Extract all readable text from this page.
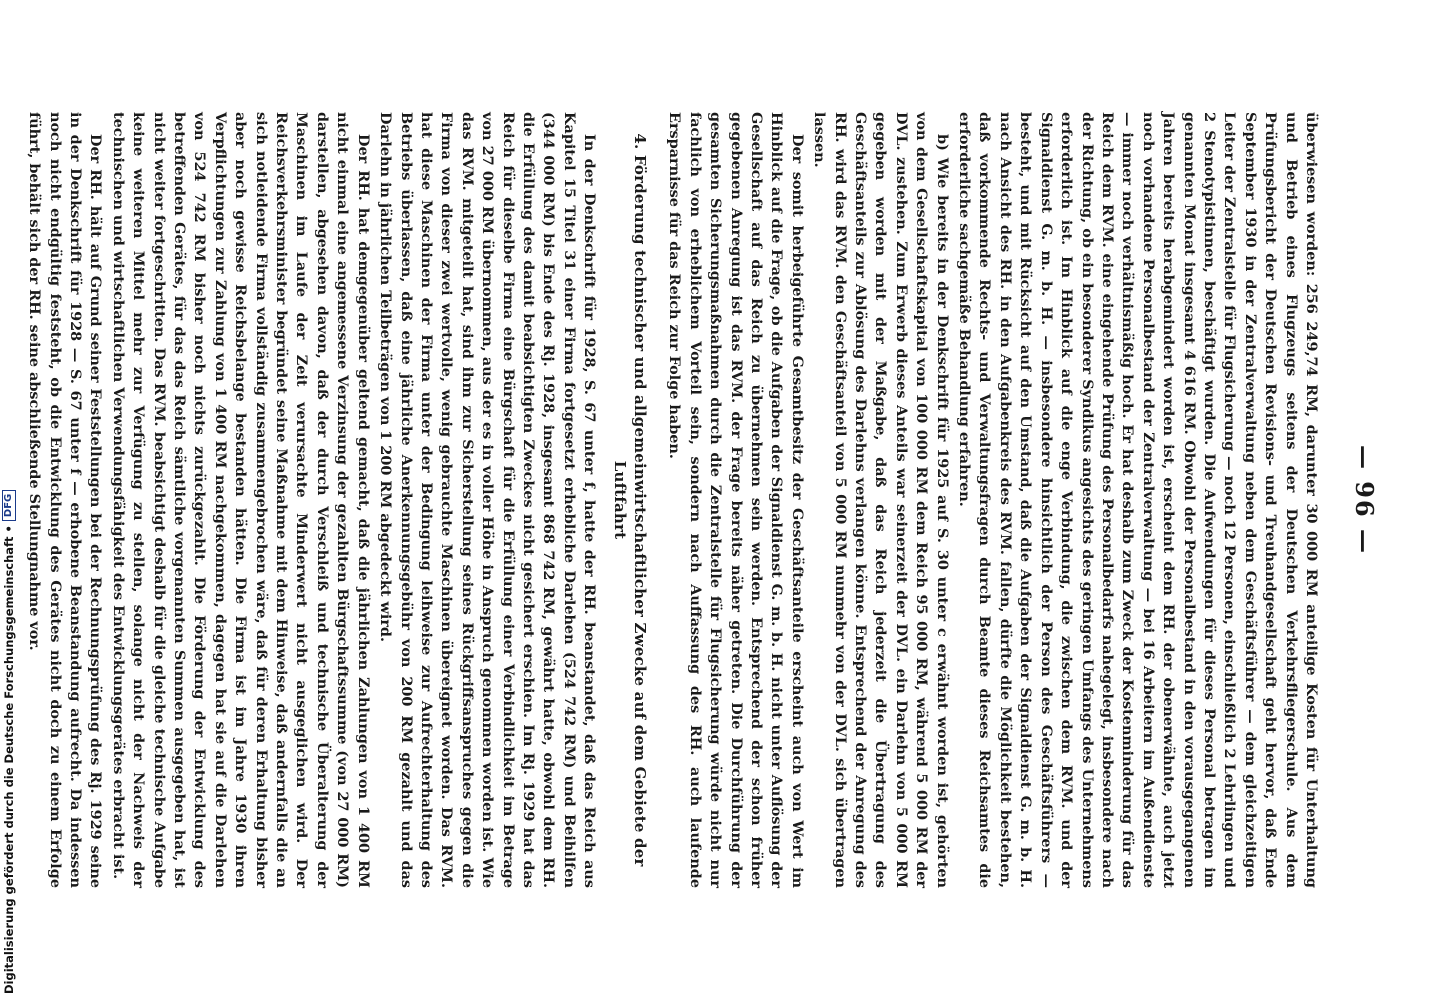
— 96 —

überwiesen worden: 256 249,74 RM, darunter 30 000 RM anteilige Kosten für Unterhaltung und Betrieb eines Flugzeugs seitens der Deutschen Verkehrsfliegerschule. Aus dem Prüfungsbericht der Deutschen Revisions- und Treuhandgesellschaft geht hervor, daß Ende September 1930 in der Zentralverwaltung neben dem Geschäftsführer — dem gleichzeitigen Leiter der Zentralstelle für Flugsicherung — noch 12 Personen, einschließlich 2 Lehrlingen und 2 Stenotypistinnen, beschäftigt wurden. Die Aufwendungen für dieses Personal betragen im genannten Monat insgesamt 4 616 RM. Obwohl der Personalbestand in den vorausgegangenen Jahren bereits herabgemindert worden ist, erscheint dem RH. der obenerwähnte, auch jetzt noch vorhandene Personalbestand der Zentralverwaltung — bei 16 Arbeitern im Außendienste — immer noch verhältnismäßig hoch. Er hat deshalb zum Zweck der Kostenminderung für das Reich dem RVM. eine eingehende Prüfung des Personalbedarfs nahegelegt, insbesondere nach der Richtung, ob ein besonderer Syndikus angesichts des geringen Umfangs des Unternehmens erforderlich ist. Im Hinblick auf die enge Verbindung, die zwischen dem RVM. und der Signaldienst G. m. b. H. — insbesondere hinsichtlich der Person des Geschäftsführers — besteht, und mit Rücksicht auf den Umstand, daß die Aufgaben der Signaldienst G. m. b. H. nach Ansicht des RH. in den Aufgabenkreis des RVM. fallen, dürfte die Möglichkeit bestehen, daß vorkommende Rechts- und Verwaltungsfragen durch Beamte dieses Reichsamtes die erforderliche sachgemäße Behandlung erfahren.

b) Wie bereits in der Denkschrift für 1925 auf S. 30 unter c erwähnt worden ist, gehörten von dem Gesellschaftskapital von 100 000 RM dem Reich 95 000 RM, während 5 000 RM der DVL. zustehen. Zum Erwerb dieses Anteils war seinerzeit der DVL. ein Darlehn von 5 000 RM gegeben worden mit der Maßgabe, daß das Reich jederzeit die Übertragung des Geschäftsanteils zur Ablösung des Darlehns verlangen könne. Entsprechend der Anregung des RH. wird das RVM. den Geschäftsanteil von 5 000 RM nunmehr von der DVL. sich übertragen lassen.

Der somit herbeigeführte Gesamtbesitz der Geschäftsanteile erscheint auch von Wert im Hinblick auf die Frage, ob die Aufgaben der Signaldienst G. m. b. H. nicht unter Auflösung der Gesellschaft auf das Reich zu übernehmen sein werden. Entsprechend der schon früher gegebenen Anregung ist das RVM. der Frage bereits näher getreten. Die Durchführung der gesamten Sicherungsmaßnahmen durch die Zentralstelle für Flugsicherung würde nicht nur fachlich von erheblichem Vorteil sein, sondern nach Auffassung des RH. auch laufende Ersparnisse für das Reich zur Folge haben.

4. Förderung technischer und allgemeinwirtschaftlicher Zwecke auf dem Gebiete der Luftfahrt

In der Denkschrift für 1928, S. 67 unter f, hatte der RH. beanstandet, daß das Reich aus Kapitel 15 Titel 31 einer Firma fortgesetzt erhebliche Darlehen (524 742 RM) und Beihilfen (344 000 RM) bis Ende des Rj. 1928, insgesamt 868 742 RM, gewährt hatte, obwohl dem RH. die Erfüllung des damit beabsichtigten Zweckes nicht gesichert erschien. Im Rj. 1929 hat das Reich für dieselbe Firma eine Bürgschaft für die Erfüllung einer Verbindlichkeit im Betrage von 27 000 RM übernommen, aus der es in voller Höhe in Anspruch genommen worden ist. Wie das RVM. mitgeteilt hat, sind ihm zur Sicherstellung seines Rückgriffsanspruches gegen die Firma von dieser zwei wertvolle, wenig gebrauchte Maschinen übereignet worden. Das RVM. hat diese Maschinen der Firma unter der Bedingung leihweise zur Aufrechterhaltung des Betriebs überlassen, daß eine jährliche Anerkennungsgebühr von 200 RM gezahlt und das Darlehn in jährlichen Teilbeträgen von 1 200 RM abgedeckt wird.

Der RH. hat demgegenüber geltend gemacht, daß die jährlichen Zahlungen von 1 400 RM nicht einmal eine angemessene Verzinsung der gezahlten Bürgschaftssumme (von 27 000 RM) darstellen, abgesehen davon, daß der durch Verschleiß und technische Überalterung der Maschinen im Laufe der Zeit verursachte Minderwert nicht ausgeglichen wird. Der Reichsverkehrsminister begründet seine Maßnahme mit dem Hinweise, daß andernfalls die an sich notleidende Firma vollständig zusammengebrochen wäre, daß für deren Erhaltung bisher aber noch gewisse Reichsbelange bestanden hätten. Die Firma ist im Jahre 1930 ihren Verpflichtungen zur Zahlung von 1 400 RM nachgekommen, dagegen hat sie auf die Darlehen von 524 742 RM bisher noch nichts zurückgezahlt. Die Förderung der Entwicklung des betreffenden Gerätes, für das das Reich sämtliche vorgenannten Summen ausgegeben hat, ist nicht weiter fortgeschritten. Das RVM. beabsichtigt deshalb für die gleiche technische Aufgabe keine weiteren Mittel mehr zur Verfügung zu stellen, solange nicht der Nachweis der technischen und wirtschaftlichen Verwendungsfähigkeit des Entwicklungsgerätes erbracht ist.

Der RH. hält auf Grund seiner Feststellungen bei der Rechnungsprüfung des Rj. 1929 seine in der Denkschrift für 1928 — S. 67 unter f — erhobene Beanstandung aufrecht. Da indessen noch nicht endgültig feststeht, ob die Entwicklung des Gerätes nicht doch zu einem Erfolge führt, behält sich der RH. seine abschließende Stellungnahme vor.

Digitalisierung gefördert durch die Deutsche Forschungsgemeinschaft •
DFG
